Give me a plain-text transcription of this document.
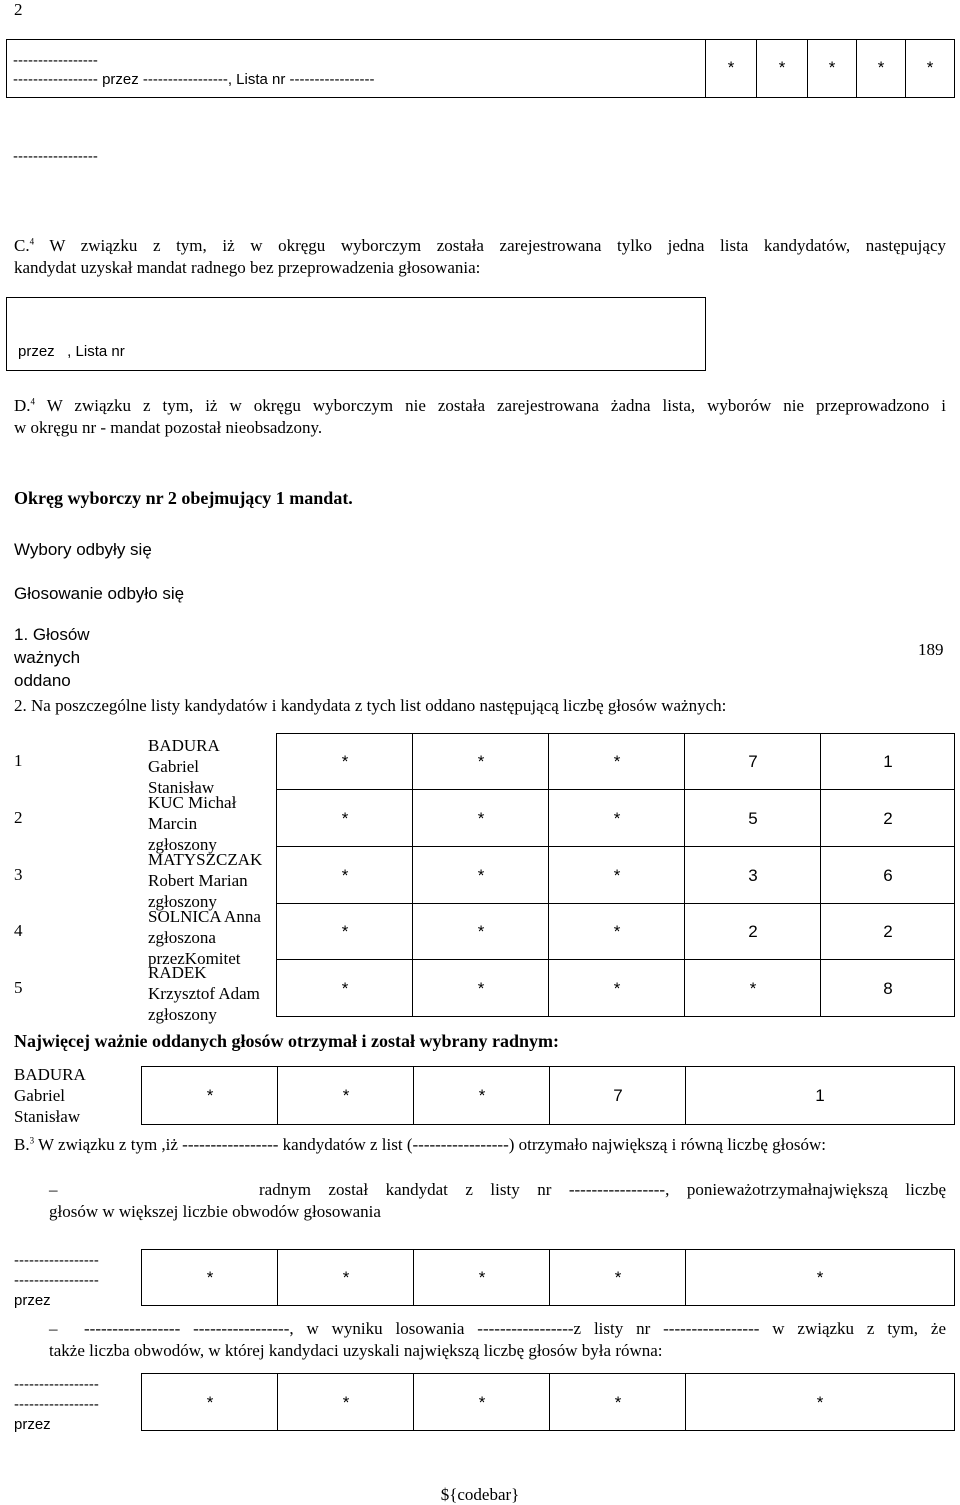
2
-----------------
----------------- przez -----------------, Lista nr -----------------
*	*	*	*	*
-----------------
C.$^4$ W związku z tym, iż w okręgu wyborczym została zarejestrowana tylko jedna lista kandydatów, następujący
kandydat uzyskał mandat radnego bez przeprowadzenia głosowania:
przez   , Lista nr
D.$^4$ W związku z tym, iż w okręgu wyborczym nie została zarejestrowana żadna lista, wyborów nie przeprowadzono i
w okręgu nr - mandat pozostał nieobsadzony.
Okręg wyborczy nr 2 obejmujący 1 mandat.
Wybory odbyły się
Głosowanie odbyło się
1. Głosów
ważnych
oddano
189
2. Na poszczególne listy kandydatów i kandydata z tych list oddano następującą liczbę głosów ważnych:
1
BADURA
Gabriel
Stanisław
*	*	*	7	1
2
KUC Michał
Marcin
zgłoszony
*	*	*	5	2
3
MATYSZCZAK
Robert Marian
zgłoszony
*	*	*	3	6
4
SOLNICA Anna
zgłoszona
przezKomitet
*	*	*	2	2
5
RADEK
Krzysztof Adam
zgłoszony
*	*	*	*	8
Najwięcej ważnie oddanych głosów otrzymał i został wybrany radnym:
BADURA
Gabriel
Stanisław
*	*	*	7	1
B.$^3$ W związku z tym ,iż ----------------- kandydatów z list (-----------------) otrzymało największą i równą liczbę głosów:
–	radnym został kandydat z listy nr -----------------, ponieważotrzymałnajwiększą liczbę
głosów w większej liczbie obwodów głosowania
-----------------
-----------------
przez
*	*	*	*	*
– ----------------- -----------------, w wyniku losowania -----------------z listy nr ----------------- w związku z tym, że
także liczba obwodów, w której kandydaci uzyskali największą liczbę głosów była równa:
-----------------
-----------------
przez
*	*	*	*	*
${codebar}
